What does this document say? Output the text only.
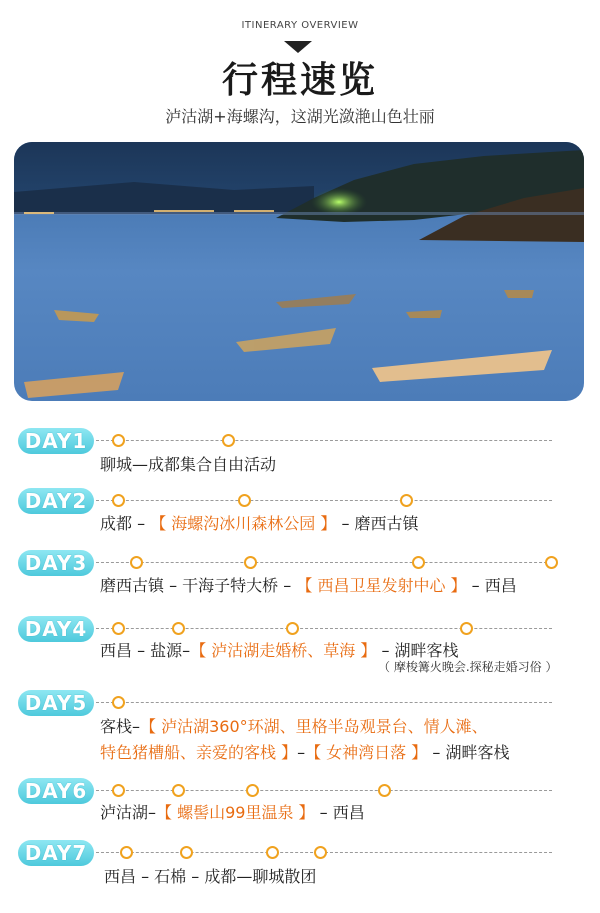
ITINERARY OVERVIEW
行程速览
泸沽湖+海螺沟，这湖光潋滟山色壮丽
DAY1
聊城—成都集合自由活动
DAY2
成都 – 【 海螺沟冰川森林公园 】 – 磨西古镇
DAY3
磨西古镇 – 干海子特大桥 – 【 西昌卫星发射中心 】 – 西昌
DAY4
西昌 – 盐源–【 泸沽湖走婚桥、草海 】 – 湖畔客栈
（ 摩梭篝火晚会.探秘走婚习俗 ）
DAY5
客栈–【 泸沽湖360°环湖、里格半岛观景台、情人滩、
特色猪槽船、亲爱的客栈 】–【 女神湾日落 】 – 湖畔客栈
DAY6
泸沽湖–【 螺髻山99里温泉 】 – 西昌
DAY7
西昌 – 石棉 – 成都—聊城散团
